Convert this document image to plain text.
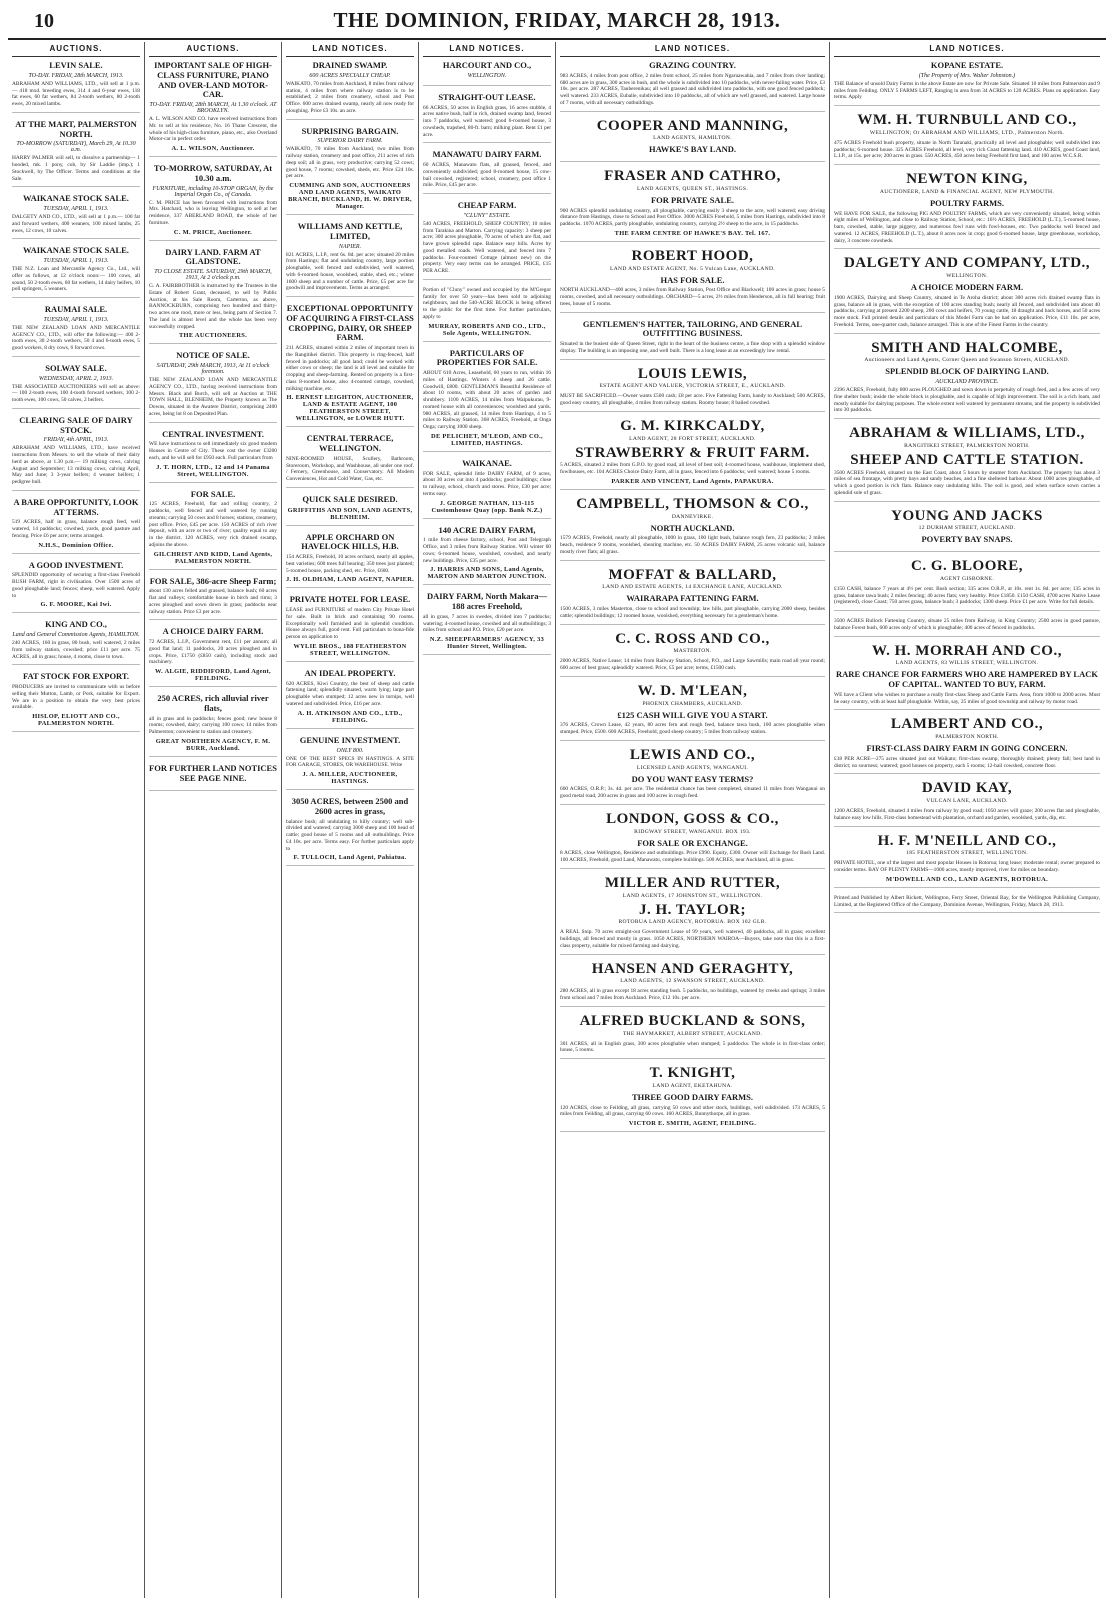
10	THE DOMINION, FRIDAY, MARCH 28, 1913.
AUCTIONS.
LEVIN SALE.
TO-DAY. FRIDAY, 28th MARCH, 1913.
ABRAHAM AND WILLIAMS, LTD., will sell at 1 p.m.— 418 mxd. breeding ewes, 314 4 and 6-year ewes, 118 fat ewes, 60 fat wethers, 84 2-tooth wethers, 80 2-tooth ewes, 20 mixed lambs.
AT THE MART, PALMERSTON NORTH.
TO-MORROW (SATURDAY), March 29, At 10.30 a.m.
HARRY PALMER will sell, to dissolve a partnership— 1 hooded, mk. 1 pony, cob, by Sir Laddie (imp.); 1 Stockwell, by The Officer. Terms and conditions at the Sale.
WAIKANAE STOCK SALE.
TUESDAY, APRIL 1, 1913.
DALGETY AND CO., LTD., will sell at 1 p.m.— 100 fat and forward wethers, 400 weaners, 100 mixed lambs, 25 ewes, 12 cows, 10 calves.
WAIKANAE STOCK SALE.
TUESDAY, APRIL 1, 1913.
THE N.Z. Loan and Mercantile Agency Co., Ltd., will offer as follows, at 12 o'clock noon:— 100 cows, all sound, 50 2-tooth ewes, 60 fat wethers, 14 dairy heifers, 10 poll springers, 5 weaners.
RAUMAI SALE.
TUESDAY, APRIL 1, 1913.
THE NEW ZEALAND LOAN AND MERCANTILE AGENCY CO., LTD., will offer the following:— 400 2-tooth ewes, 30 2-tooth wethers, 50 4 and 6-tooth ewes, 5 good workers, 8 dry cows, 6 forward cows.
SOLWAY SALE.
WEDNESDAY, APRIL 2, 1913.
THE ASSOCIATED AUCTIONEERS will sell as above:— 100 2-tooth ewes, 100 4-tooth forward wethers, 100 2-tooth ewes, 100 cows, 50 calves, 2 heifers.
CLEARING SALE OF DAIRY STOCK.
FRIDAY, 4th APRIL, 1913.
ABRAHAM AND WILLIAMS, LTD., have received instructions from Messrs. to sell the whole of their dairy herd as above, at 1.30 p.m.— 19 milking cows, calving August and September; 13 milking cows, calving April, May and June; 3 3-year heifers; 4 weaner heifers; 1 pedigree bull.
A BARE OPPORTUNITY, LOOK AT TERMS.
519 ACRES, half in grass, balance rough feed, well watered, 14 paddocks; cowshed, yards, good pasture and fencing. Price £6 per acre; terms arranged.
N.H.S., Dominion Office.
A GOOD INVESTMENT.
SPLENDID opportunity of securing a first-class Freehold BUSH FARM, right in civilisation. Over 1500 acres of good ploughable land; fences; sheep, well watered. Apply to
G. F. MOORE, Kai Iwi.
KING AND CO.,
Land and General Commission Agents, HAMILTON.
240 ACRES, 160 in grass, 80 bush, well watered, 2 miles from railway station, cowshed; price £11 per acre. 75 ACRES, all in grass; house, 4 rooms, close to town.
FAT STOCK FOR EXPORT.
PRODUCERS are invited to communicate with us before selling their Mutton, Lamb, or Pork, suitable for Export. We are in a position to obtain the very best prices available.
HISLOP, ELIOTT AND CO., PALMERSTON NORTH.
AUCTIONS.
IMPORTANT SALE OF HIGH-CLASS FURNITURE, PIANO AND OVER-LAND MOTOR-CAR.
TO-DAY. FRIDAY, 28th MARCH, At 1.30 o'clock. AT BROOKLYN.
A. L. WILSON AND CO. have received instructions from Mr. to sell at his residence, No. 16 Thane Crescent, the whole of his high-class furniture, piano, etc., also Overland Motor-car in perfect order.
A. L. WILSON, Auctioneer.
TO-MORROW, SATURDAY, At 10.30 a.m.
FURNITURE, including 10-STOP ORGAN, by the Imperial Organ Co., of Canada.
C. M. PRICE has been favoured with instructions from Mrs. Hatchard, who is leaving Wellington, to sell at her residence, 337 ABERLAND ROAD, the whole of her furniture.
C. M. PRICE, Auctioneer.
DAIRY LAND. FARM AT GLADSTONE.
TO CLOSE ESTATE. SATURDAY, 29th MARCH, 1913, At 2 o'clock p.m.
G. A. FAIRBROTHER is instructed by the Trustees in the Estate of Robert Grant, deceased, to sell by Public Auction, at his Sale Room, Carterton, as above, BANNOCKBURN, comprising two hundred and thirty-two acres one rood, more or less, being parts of Section 7. The land is almost level and the whole has been very successfully cropped.
THE AUCTIONEERS.
NOTICE OF SALE.
SATURDAY, 29th MARCH, 1913, At 11 o'clock forenoon.
THE NEW ZEALAND LOAN AND MERCANTILE AGENCY CO., LTD., having received instructions from Messrs. Black and Burch, will sell at Auction at THE TOWN HALL, BLENHEIM, the Property known as The Downs, situated in the Awatere District, comprising 2400 acres, being lot 8 on Deposited Plan.
CENTRAL INVESTMENT.
WE have instructions to sell immediately six good modern Houses in Centre of City. These cost the owner £3200 each, and he will sell for £950 each. Full particulars from
J. T. HORN, LTD., 12 and 14 Panama Street, WELLINGTON.
FOR SALE.
125 ACRES, Freehold, flat and rolling country, 2 paddocks, well fenced and well watered by running streams; carrying 50 cows and 8 horses; stations, creamery, post office. Price, £45 per acre. 150 ACRES of rich river deposit, with an acre or two of river; quality equal to any in the district. 120 ACRES, very rich drained swamp, adjoins the above.
GILCHRIST AND KIDD, Land Agents, PALMERSTON NORTH.
FOR SALE, 386-acre Sheep Farm;
about 130 acres felled and grassed, balance bush; 60 acres flat and valleys; comfortable house in birch and rimu; 3 acres ploughed and sown down in grass; paddocks near railway station. Price £3 per acre.
A CHOICE DAIRY FARM.
72 ACRES, L.I.P., Government rent, £11 per annum; all good flat land; 11 paddocks, 20 acres ploughed and in crops. Price, £1750 (£850 cash), including stock and machinery.
W. ALGIE, RIDDIFORD, Land Agent, FEILDING.
250 ACRES, rich alluvial river flats,
all in grass and in paddocks; fences good; new house 8 rooms; cowshed, dairy; carrying 100 cows; 14 miles from Palmerston; convenient to station and creamery.
GREAT NORTHERN AGENCY, F. M. BURR, Auckland.
FOR FURTHER LAND NOTICES SEE PAGE NINE.
LAND NOTICES.
DRAINED SWAMP.
600 ACRES SPECIALLY CHEAP.
WAIKATO, 70 miles from Auckland, 8 miles from railway station, 4 miles from where railway station is to be established; 2 miles from creamery, school and Post Office. 600 acres drained swamp, nearly all now ready for ploughing. Price £3 10s. an acre.
SURPRISING BARGAIN.
SUPERIOR DAIRY FARM.
WAIKATO, 70 miles from Auckland, two miles from railway station, creamery and post office, 211 acres of rich deep soil; all in grass, very productive; carrying 52 cows; good house, 7 rooms; cowshed, sheds, etc. Price £24 10s. per acre.
CUMMING AND SON, AUCTIONEERS AND LAND AGENTS, WAIKATO BRANCH, BUCKLAND, H. W. DRIVER, Manager.
WILLIAMS AND KETTLE, LIMITED,
NAPIER.
821 ACRES, L.I.P., rent 6s. 8d. per acre; situated 20 miles from Hastings; flat and undulating country, large portion ploughable, well fenced and subdivided, well watered, with 6-roomed house, woolshed, stable, shed, etc.; winter 1600 sheep and a number of cattle. Price, £5 per acre for goodwill and improvements. Terms as arranged.
EXCEPTIONAL OPPORTUNITY OF ACQUIRING A FIRST-CLASS CROPPING, DAIRY, OR SHEEP FARM.
211 ACRES, situated within 2 miles of important town in the Rangitikei district. This property is ring-fenced, half fenced in paddocks; all good land; could be worked with either cows or sheep; the land is all level and suitable for cropping and sheep-farming. Rented on property is a first-class 8-roomed house, also 4-roomed cottage, cowshed, milking machine, etc.
H. ERNEST LEIGHTON, AUCTIONEER, LAND & ESTATE AGENT, 100 FEATHERSTON STREET, WELLINGTON, or LOWER HUTT.
CENTRAL TERRACE, WELLINGTON.
NINE-ROOMED HOUSE, Scullery, Bathroom, Storeroom, Workshop, and Washhouse, all under one roof. / Fernery, Greenhouse, and Conservatory. All Modern Conveniences, Hot and Cold Water, Gas, etc.
QUICK SALE DESIRED.
GRIFFITHS AND SON, LAND AGENTS, BLENHEIM.
APPLE ORCHARD ON HAVELOCK HILLS, H.B.
154 ACRES, Freehold, 10 acres orchard, nearly all apples, best varieties; 600 trees full bearing; 350 trees just planted; 5-roomed house, packing shed, etc. Price, £600.
J. H. OLDHAM, LAND AGENT, NAPIER.
PRIVATE HOTEL FOR LEASE.
LEASE and FURNITURE of modern City Private Hotel for sale. Built in brick and containing 90 rooms. Exceptionally well furnished and in splendid condition. House always full, good rent. Full particulars to bona-fide person on application to
WYLIE BROS., 188 FEATHERSTON STREET, WELLINGTON.
AN IDEAL PROPERTY.
620 ACRES, Kiwi Country, the best of sheep and cattle fattening land; splendidly situated, warm lying; large part ploughable when stumped; 12 acres new in turnips, well watered and subdivided. Price, £16 per acre.
A. H. ATKINSON AND CO., LTD., FEILDING.
GENUINE INVESTMENT.
ONLY 800.
ONE OF THE BEST SPECS IN HASTINGS. A SITE FOR GARAGE, STORES, OR WAREHOUSE. Write
J. A. MILLER, AUCTIONEER, HASTINGS.
3050 ACRES, between 2500 and 2600 acres in grass,
balance bush; all undulating to hilly country; well sub-divided and watered; carrying 3000 sheep and 100 head of cattle; good house of 5 rooms and all outbuildings. Price £4 10s. per acre. Terms easy. For further particulars apply to
F. TULLOCH, Land Agent, Pahiatua.
LAND NOTICES.
HARCOURT AND CO.,
WELLINGTON.
STRAIGHT-OUT LEASE.
66 ACRES, 50 acres in English grass, 16 acres stubble, 4 acres native bush, half in rich, drained swamp land, fenced into 7 paddocks, well watered; good 6-roomed house, 3 cowsheds, trapshed, 80-ft. barn; milking plant. Rent £1 per acre.
MANAWATU DAIRY FARM.
60 ACRES, Manawatu flats, all grassed, fenced, and conveniently subdivided; good 8-roomed house, 15 cow-bail cowshed, registered; school, creamery, post office 1 mile. Price, £45 per acre.
CHEAP FARM.
"CLUNY" ESTATE.
540 ACRES, FREEHOLD, SHEEP COUNTRY; 10 miles from Tarakina and Marton. Carrying capacity: 3 sheep per acre; 300 acres ploughable, 70 acres of which are flat, and have grown splendid rape. Balance easy hills. Acres by good metalled roads. Well watered, and fenced into 7 paddocks. Four-roomed Cottage (almost new) on the property. Very easy terms can be arranged. PRICE, £15 PER ACRE.
Portion of "Cluny" owned and occupied by the M'Gregor family for over 50 years—has been sold to adjoining neighbours, and the 540-ACRE BLOCK is being offered to the public for the first time. For further particulars, apply to
MURRAY, ROBERTS AND CO., LTD., Sole Agents, WELLINGTON.
PARTICULARS OF PROPERTIES FOR SALE.
ABOUT 610 Acres, Leasehold, 60 years to run, within 16 miles of Hastings. Winters 4 sheep and 26 cattle. Goodwill, £800. GENTLEMAN'S Beautiful Residence of about 10 rooms, with about 20 acres of garden and shrubbery. 1100 ACRES, 14 miles from Waipukurau, 9-roomed house with all conveniences; woolshed and yards. 980 ACRES, all grassed, 14 miles from Hastings, 4 to 5 miles to Railway Station. 368 ACRES, Freehold, at Onga Onga; carrying 1000 sheep.
DE PELICHET, M'LEOD, AND CO., LIMITED, HASTINGS.
WAIKANAE.
FOR SALE, splendid little DAIRY FARM, of 9 acres, about 30 acres cut into 4 paddocks; good buildings; close to railway, school, church and stores. Price, £30 per acre; terms easy.
J. GEORGE NATHAN, 113-115 Customhouse Quay (opp. Bank N.Z.)
140 ACRE DAIRY FARM,
1 mile from cheese factory, school, Post and Telegraph Office, and 3 miles from Railway Station. Will winter 60 cows; 6-roomed house, woolshed, cowshed, and nearly new buildings. Price, £35 per acre.
J. HARRIS AND SONS, Land Agents, MARTON AND MARTON JUNCTION.
DAIRY FARM, North Makara—188 acres Freehold,
all in grass, 7 acres in swedes, divided into 7 paddocks; watering; 4-roomed house, cowshed and all outbuildings; 3 miles from school and P.O. Price, £20 per acre.
N.Z. SHEEPFARMERS' AGENCY, 33 Hunter Street, Wellington.
LAND NOTICES.
GRAZING COUNTRY.
983 ACRES, 4 miles from post office, 2 miles from school, 25 miles from Ngaruawahia, and 7 miles from river landing; 680 acres are in grass, 300 acres in bush, and the whole is subdivided into 10 paddocks, with never-failing water. Price, £3 10s. per acre. 287 ACRES, Tauherenikau; all well grassed and subdivided into paddocks, with one good fenced paddock; well watered. 233 ACRES, Eubalie, subdivided into 10 paddocks, all of which are well grassed, and watered. Large house of 7 rooms, with all necessary outbuildings.
COOPER AND MANNING,
LAND AGENTS, HAMILTON.
HAWKE'S BAY LAND.
FRASER AND CATHRO,
LAND AGENTS, QUEEN ST., HASTINGS.
FOR PRIVATE SALE.
900 ACRES splendid undulating country, all ploughable, carrying easily 3 sheep to the acre, well watered; easy driving distance from Hastings, close to School and Post Office. 3000 ACRES Freehold, 5 miles from Hastings, subdivided into 8 paddocks. 1070 ACRES, partly ploughable, undulating country, carrying 2½ sheep to the acre, in 15 paddocks.
THE FARM CENTRE OF HAWKE'S BAY. Tel. 167.
ROBERT HOOD,
LAND AND ESTATE AGENT, No. 5 Vulcan Lane, AUCKLAND.
HAS FOR SALE.
NORTH AUCKLAND—400 acres, 3 miles from Railway Station, Post Office and Blackwell; 100 acres in grass; house 5 rooms, cowshed, and all necessary outbuildings. ORCHARD—5 acres, 2½ miles from Henderson, all in full bearing; fruit trees, house of 5 rooms.
GENTLEMEN'S HATTER, TAILORING, AND GENERAL OUTFITTING BUSINESS.
Situated in the busiest side of Queen Street, right in the heart of the business centre, a fine shop with a splendid window display. The building is an imposing one, and well built. There is a long lease at an exceedingly low rental.
LOUIS LEWIS,
ESTATE AGENT AND VALUER, VICTORIA STREET, E., AUCKLAND.
MUST BE SACRIFICED.—Owner wants £500 cash; £8 per acre. Five Fattening Farm, handy to Auckland; 500 ACRES, good easy country, all ploughable, 4 miles from railway station. Roomy house; 8 bailed cowshed.
G. M. KIRKCALDY,
LAND AGENT, 28 FORT STREET, AUCKLAND.
STRAWBERRY & FRUIT FARM.
5 ACRES, situated 2 miles from G.P.O. by good road, all level of best soil; 4-roomed house, washhouse, implement shed, fowlhouses, etc. 104 ACRES Choice Dairy Farm, all in grass, fenced into 6 paddocks; well watered; house 5 rooms.
PARKER AND VINCENT, Land Agents, PAPAKURA.
CAMPBELL, THOMSON & CO.,
DANNEVIRKE.
NORTH AUCKLAND.
1579 ACRES, Freehold, nearly all ploughable, 1000 in grass, 100 light bush, balance rough fern, 23 paddocks; 2 miles beach, residence 9 rooms, woolshed, shearing machine, etc. 50 ACRES DAIRY FARM, 25 acres volcanic soil, balance mostly river flats; all grass.
MOFFAT & BALLARD,
LAND AND ESTATE AGENTS, 14 EXCHANGE LANE, AUCKLAND.
WAIRARAPA FATTENING FARM.
1500 ACRES, 3 miles Masterton, close to school and township; law hills, part ploughable, carrying 2000 sheep, besides cattle; splendid buildings; 12 roomed house, woolshed, everything necessary for a gentleman's home.
C. C. ROSS AND CO.,
MASTERTON.
2000 ACRES, Native Lease; 14 miles from Railway Station, School, P.O., and Large Sawmills; main road all year round; 600 acres of best grass; splendidly watered. Price, £5 per acre; terms, £1500 cash.
W. D. M'LEAN,
PHOENIX CHAMBERS, AUCKLAND.
£125 CASH WILL GIVE YOU A START.
376 ACRES, Crown Lease, 42 years, 80 acres fern and rough feed, balance tawa bush, 100 acres ploughable when stumped. Price, £500. 600 ACRES, Freehold, good sheep country; 5 miles from railway station.
LEWIS AND CO.,
LICENSED LAND AGENTS, WANGANUI.
DO YOU WANT EASY TERMS?
600 ACRES, O.R.P.; 3s. 4d. per acre. The residential chance has been completed, situated 11 miles from Wanganui on good metal road, 200 acres in grass and 100 acres in rough feed.
LONDON, GOSS & CO.,
RIDGWAY STREET, WANGANUI. BOX 193.
FOR SALE OR EXCHANGE.
8 ACRES, close Wellington, Residence and outbuildings. Price £990. Equity, £300. Owner will Exchange for Bush Land. 100 ACRES, Freehold, good Land, Manawatu, complete buildings. 500 ACRES, near Auckland, all in grass.
MILLER AND RUTTER,
LAND AGENTS, 17 JOHNSTON ST., WELLINGTON.
J. H. TAYLOR;
ROTORUA LAND AGENCY, ROTORUA. BOX 102 GLB.
A REAL Snip. 70 acres straight-out Government Lease of 99 years, well watered, 40 paddocks, all in grass; excellent buildings, all fenced and mostly in grass. 1050 ACRES, NORTHERN WAIROA—Buyers, take note that this is a first-class property, suitable for mixed farming and dairying.
HANSEN AND GERAGHTY,
LAND AGENTS, 12 SWANSON STREET, AUCKLAND.
280 ACRES, all in grass except 18 acres standing bush. 5 paddocks, no buildings, watered by creeks and springs; 3 miles from school and 7 miles from Auckland. Price, £12 10s. per acre.
ALFRED BUCKLAND & SONS,
THE HAYMARKET, ALBERT STREET, AUCKLAND.
301 ACRES, all in English grass, 300 acres ploughable when stumped; 5 paddocks. The whole is in first-class order; house, 5 rooms.
T. KNIGHT,
LAND AGENT, EKETAHUNA.
THREE GOOD DAIRY FARMS.
120 ACRES, close to Feilding, all grass, carrying 50 cows and other stock, buildings, well subdivided. 173 ACRES, 5 miles from Feilding, all grass, carrying 60 cows. 160 ACRES, Bunnythorpe, all in grass.
VICTOR E. SMITH, AGENT, FEILDING.
LAND NOTICES.
KOPANE ESTATE.
(The Property of Mrs. Walter Johnston.)
THE Balance of unsold Dairy Farms in the above Estate are now for Private Sale. Situated 10 miles from Palmerston and 9 miles from Feilding. ONLY 5 FARMS LEFT, Ranging in area from 34 ACRES to 120 ACRES. Plans on application. Easy terms. Apply
WM. H. TURNBULL AND CO.,
WELLINGTON; Or ABRAHAM AND WILLIAMS, LTD., Palmerston North.
475 ACRES Freehold bush property, situate in North Taranaki, practically all level and ploughable; well subdivided into paddocks; 6-roomed house. 325 ACRES Freehold, all level, very rich Coast fattening land. 410 ACRES, good Coast land, L.I.P., at 15s. per acre; 200 acres in grass. 550 ACRES, 450 acres being Freehold first land, and 100 acres W.C.S.R.
NEWTON KING,
AUCTIONEER, LAND & FINANCIAL AGENT, NEW PLYMOUTH.
POULTRY FARMS.
WE HAVE FOR SALE, the following PIG AND POULTRY FARMS, which are very conveniently situated, being within eight miles of Wellington, and close to Railway Station, School, etc.: 16½ ACRES, FREEHOLD (L.T.), 5-roomed house, barn, cowshed, stable, large piggery, and numerous fowl runs with fowl-houses, etc. Two paddocks well fenced and watered. 12 ACRES, FREEHOLD (L.T.), about 8 acres now in crop; good 6-roomed house, large greenhouse, workshop, dairy, 3 concrete cowsheds.
DALGETY AND COMPANY, LTD.,
WELLINGTON.
A CHOICE MODERN FARM.
1900 ACRES, Dairying and Sheep Country, situated in Te Aroha district; about 300 acres rich drained swamp flats in grass, balance all in grass, with the exception of 100 acres standing bush; nearly all fenced, and subdivided into about 40 paddocks, carrying at present 2200 sheep, 200 cows and heifers, 70 young cattle, 18 draught and back horses, and 50 acres more stock. Full printed details and particulars of this Model Farm can be had on application. Price, £11 10s. per acre, Freehold. Terms, one-quarter cash, balance arranged. This is one of the Finest Farms in the country.
SMITH AND HALCOMBE,
Auctioneers and Land Agents, Corner Queen and Swanson Streets, AUCKLAND.
SPLENDID BLOCK OF DAIRYING LAND.
AUCKLAND PROVINCE.
2396 ACRES, Freehold, fully 800 acres PLOUGHED and sown down in perpetuity of rough feed, and a few acres of very fine shelter bush; inside the whole block is ploughable, and is capable of high improvement. The soil is a rich loam, and mostly suitable for dairying purposes. The whole extent well watered by permanent streams, and the property is subdivided into 30 paddocks.
ABRAHAM & WILLIAMS, LTD.,
RANGITIKEI STREET, PALMERSTON NORTH.
SHEEP AND CATTLE STATION.
3500 ACRES Freehold, situated on the East Coast, about 5 hours by steamer from Auckland. The property has about 3 miles of sea frontage, with pretty bays and sandy beaches, and a fine sheltered harbour. About 1000 acres ploughable, of which a good portion is rich flats. Balance easy undulating hills. The soil is good, and when surface sown carries a splendid sole of grass.
YOUNG AND JACKS
12 DURHAM STREET, AUCKLAND.
POVERTY BAY SNAPS.
C. G. BLOORE,
AGENT GISBORNE.
£150 CASH, balance 7 years at 4½ per cent. Bush section; 335 acres O.R.P., at 10s. rent 1s. 8d. per acre; 135 acres in grass, balance tawa bush; 2 miles fencing; 40 acres flats; very healthy. Price £1850. £150 CASH, 4700 acres Native Lease (registered), close Coast; 750 acres grass, balance bush; 3 paddocks; 1300 sheep. Price £1 per acre. Write for full details.
3500 ACRES Bullock Fattening Country, situate 25 miles from Railway, in King Country; 2500 acres in good pasture, balance Forest bush, 600 acres only of which is ploughable; 400 acres of fenced in paddocks.
W. H. MORRAH AND CO.,
LAND AGENTS, 83 WILLIS STREET, WELLINGTON.
RARE CHANCE FOR FARMERS WHO ARE HAMPERED BY LACK OF CAPITAL. WANTED TO BUY, FARM.
WE have a Client who wishes to purchase a really first-class Sheep and Cattle Farm. Area, from 1000 to 2000 acres. Must be easy country, with at least half ploughable. Within, say, 25 miles of good township and railway by motor road.
LAMBERT AND CO.,
PALMERSTON NORTH.
FIRST-CLASS DAIRY FARM IN GOING CONCERN.
£18 PER ACRE—275 acres situated just out Waikato; first-class swamp, thoroughly drained; plenty fall; best land in district; no sourness; watered; good houses on property, each 5 rooms; 12-bail cowshed, concrete floor.
DAVID KAY,
VULCAN LANE, AUCKLAND.
1200 ACRES, Freehold, situated 4 miles from railway by good road; 1050 acres will graze; 200 acres flat and ploughable, balance easy low hills. First-class homestead with plantation, orchard and garden, woolshed, yards, dip, etc.
H. F. M'NEILL AND CO.,
185 FEATHERSTON STREET, WELLINGTON.
PRIVATE HOTEL, one of the largest and most popular Houses in Rotorua; long lease; moderate rental; owner prepared to consider terms. BAY OF PLENTY FARMS—1000 acres, mostly improved, river for miles on boundary.
M'DOWELL AND CO., LAND AGENTS, ROTORUA.
Printed and Published by Albert Rickett, Wellington, Ferry Street, Oriental Bay, for the Wellington Publishing Company, Limited, at the Registered Office of the Company, Dominion Avenue, Wellington, Friday, March 28, 1913.
